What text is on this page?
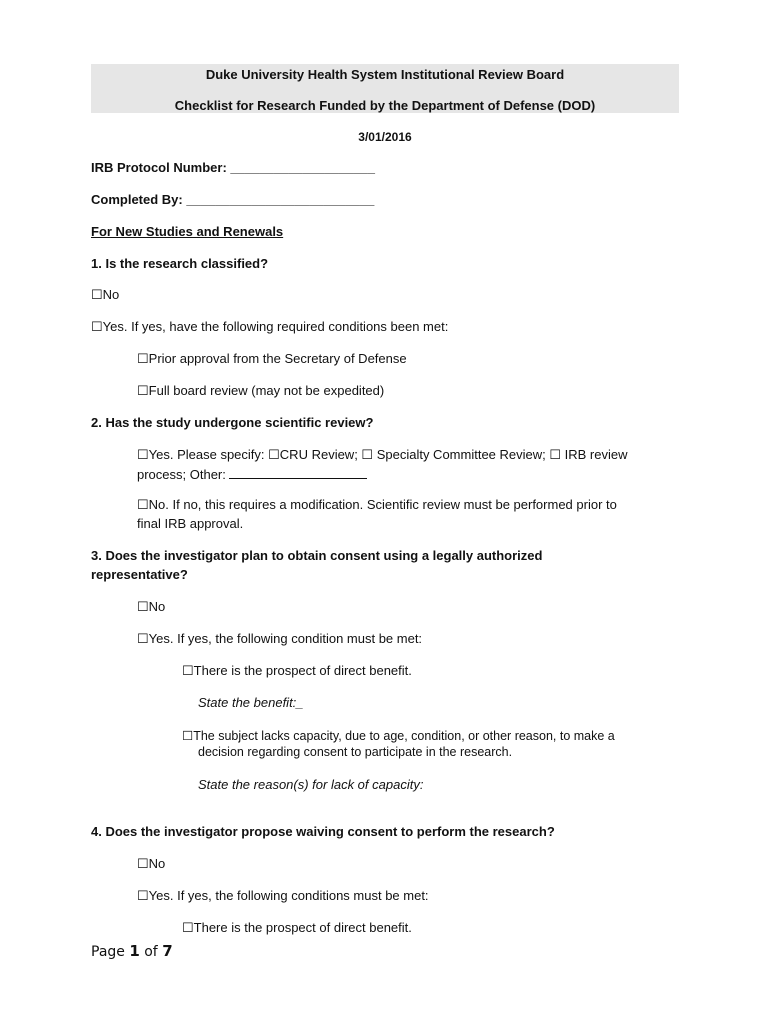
Duke University Health System Institutional Review Board
Checklist for Research Funded by the Department of Defense (DOD)
3/01/2016
IRB Protocol Number: ____________________
Completed By: __________________________
For New Studies and Renewals
1. Is the research classified?
☐No
☐Yes. If yes, have the following required conditions been met:
☐Prior approval from the Secretary of Defense
☐Full board review (may not be expedited)
2. Has the study undergone scientific review?
☐Yes. Please specify: ☐CRU Review; ☐ Specialty Committee Review; ☐ IRB review
process; Other:
☐No. If no, this requires a modification. Scientific review must be performed prior to
final IRB approval.
3. Does the investigator plan to obtain consent using a legally authorized
representative?
☐No
☐Yes. If yes, the following condition must be met:
☐There is the prospect of direct benefit.
State the benefit:_
☐The subject lacks capacity, due to age, condition, or other reason, to make a
decision regarding consent to participate in the research.
State the reason(s) for lack of capacity:
4. Does the investigator propose waiving consent to perform the research?
☐No
☐Yes. If yes, the following conditions must be met:
☐There is the prospect of direct benefit.
Page 1 of 7
